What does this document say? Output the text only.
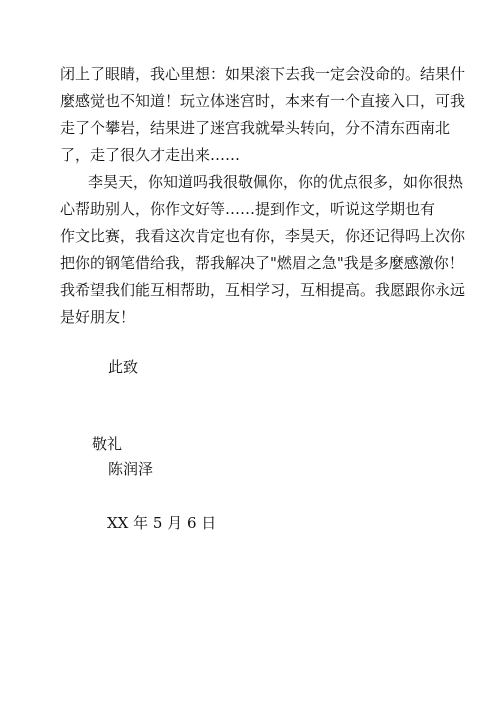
闭上了眼睛，我心里想：如果滚下去我一定会没命的。结果什
麼感觉也不知道！玩立体迷宫时，本来有一个直接入口，可我
走了个攀岩，结果进了迷宫我就晕头转向，分不清东西南北
了，走了很久才走出来……
李昊天，你知道吗我很敬佩你，你的优点很多，如你很热
心帮助别人，你作文好等……提到作文，听说这学期也有
作文比赛，我看这次肯定也有你，李昊天，你还记得吗上次你
把你的钢笔借给我，帮我解决了"燃眉之急"我是多麼感激你！
我希望我们能互相帮助，互相学习，互相提高。我愿跟你永远
是好朋友！
此致
敬礼
陈润泽
XX 年 5 月 6 日
